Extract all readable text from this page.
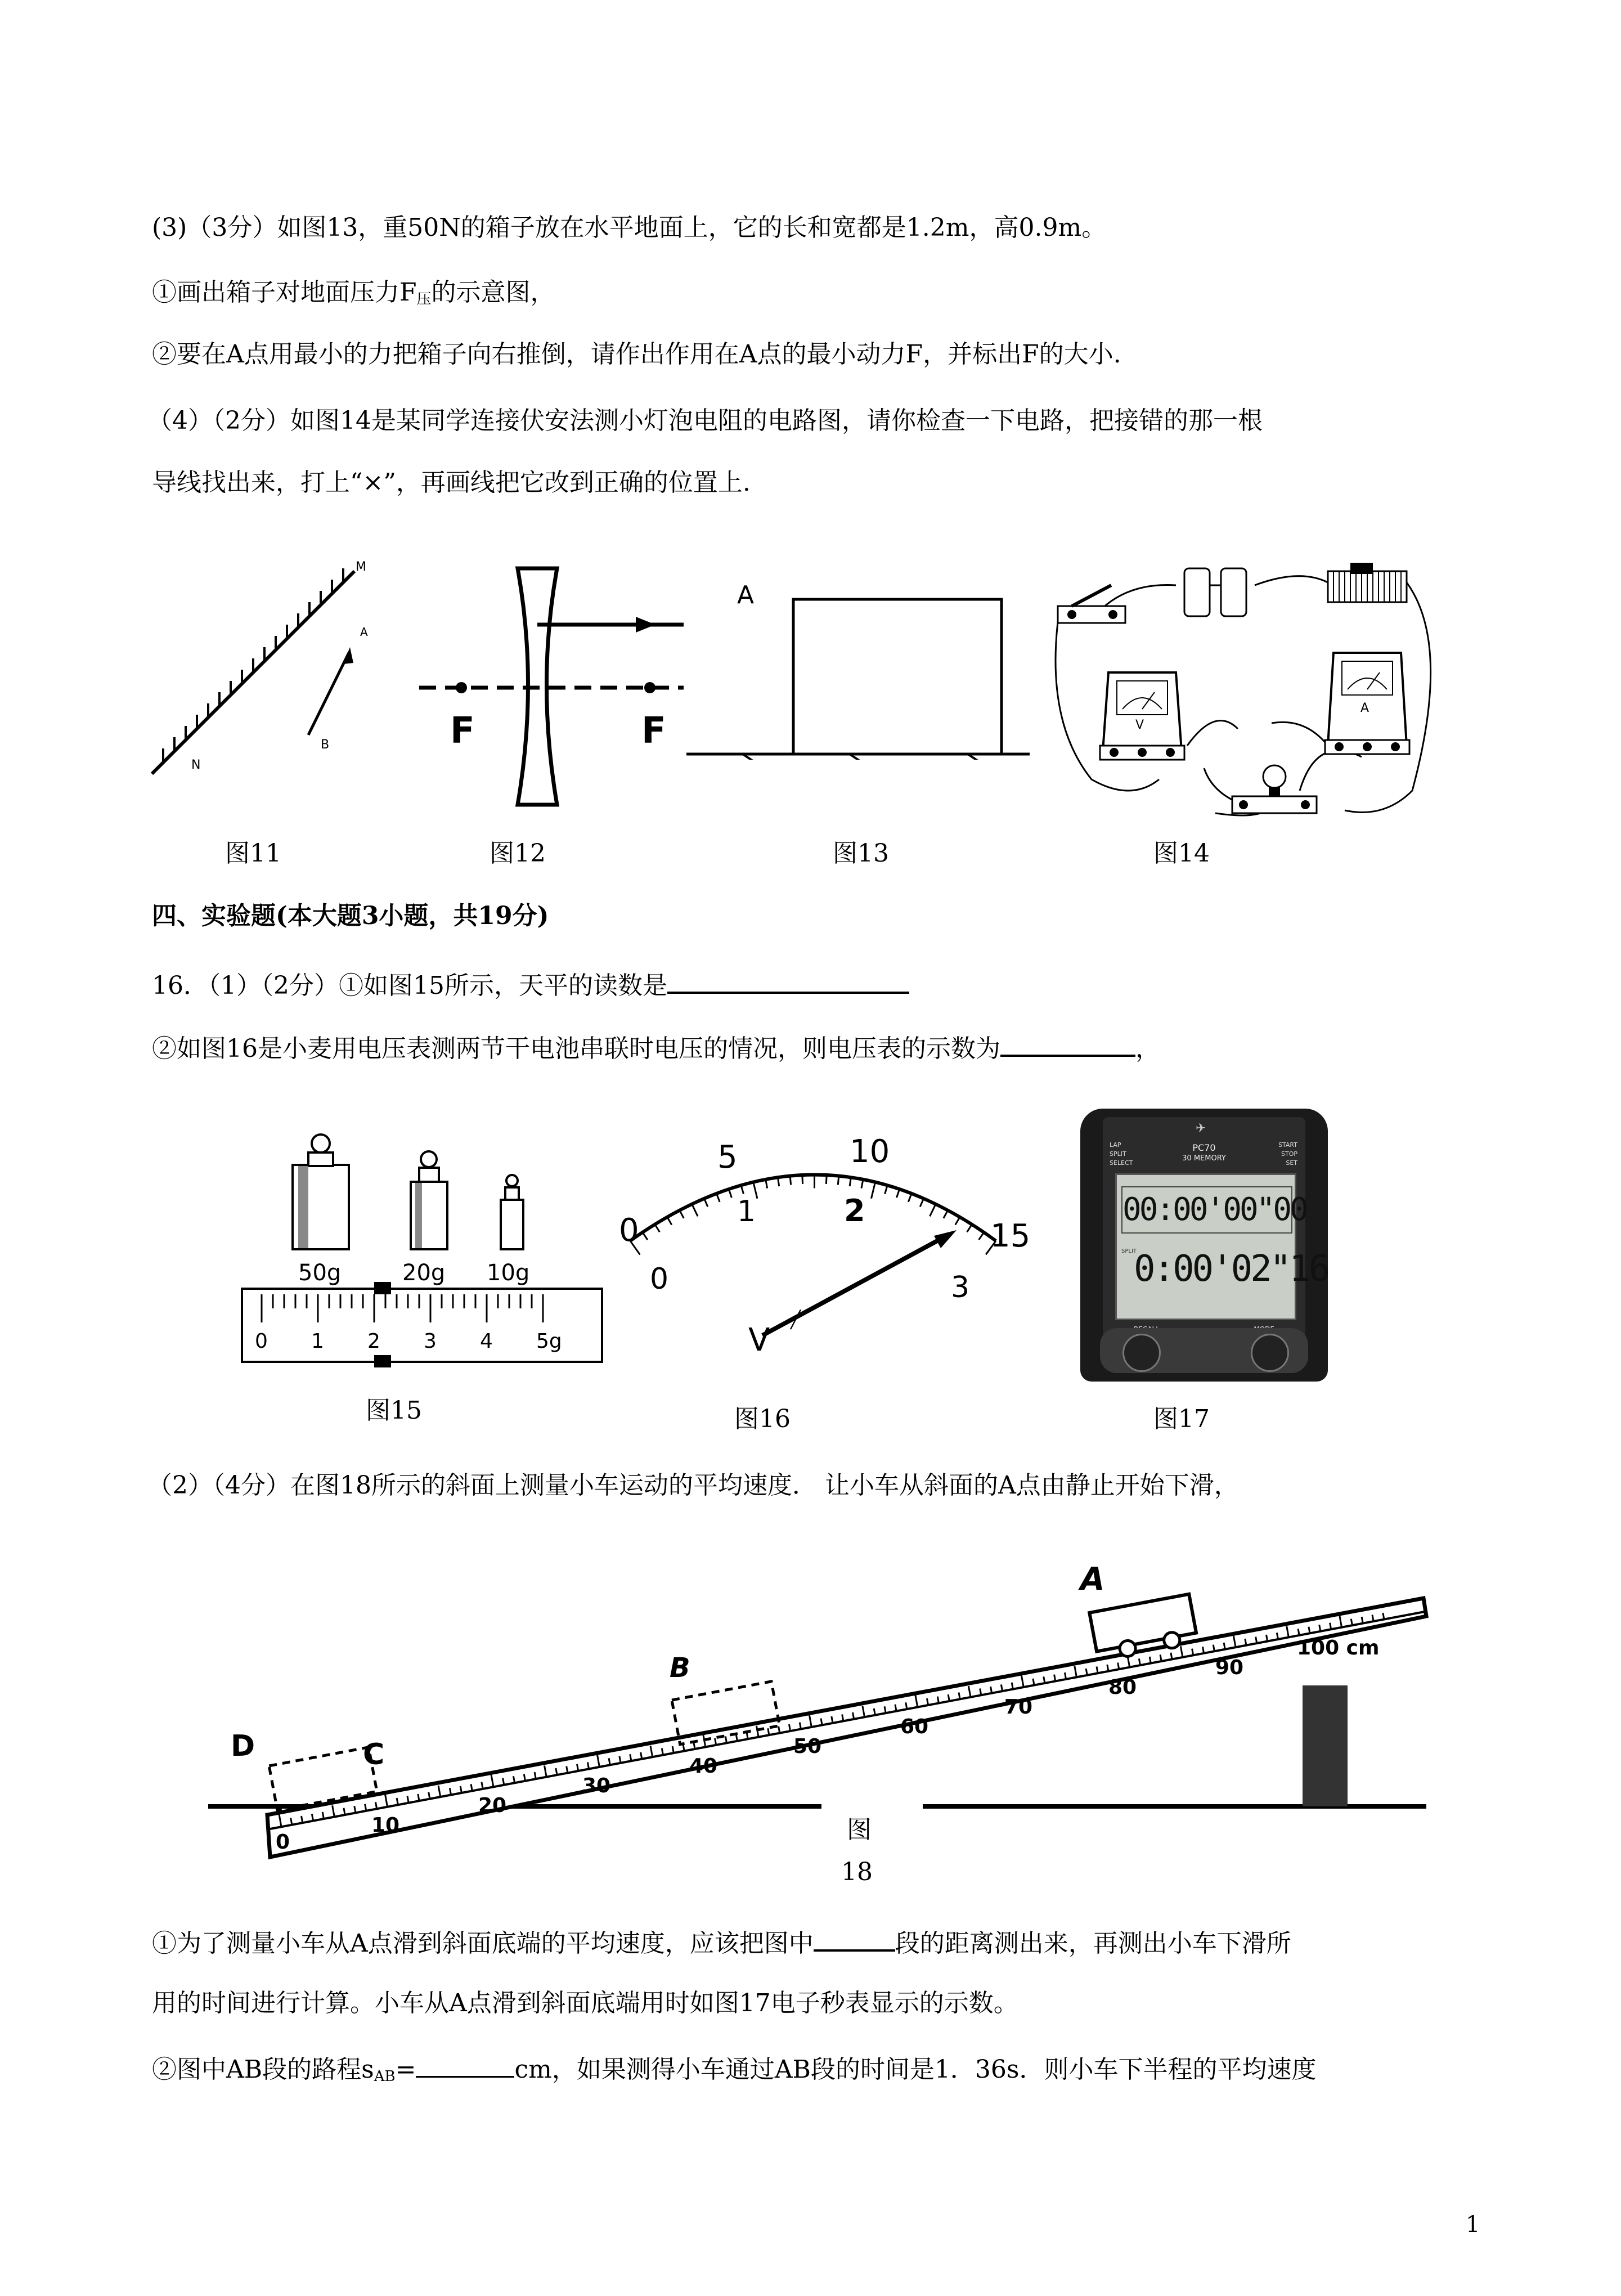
(3)（3分）如图13，重50N的箱子放在水平地面上，它的长和宽都是1.2m，高0.9m。
①画出箱子对地面压力$F_压$的示意图，
②要在A点用最小的力把箱子向右推倒，请作出作用在A点的最小动力F，并标出F的大小.
（4）（2分）如图14是某同学连接伏安法测小灯泡电阻的电路图，请你检查一下电路，把接错的那一根
导线找出来，打上“×”，再画线把它改到正确的位置上.
M
N
A
B
图11
F	F
图12
A
图13
V
A
图14
四、实验题(本大题3小题，共19分)
16．（1）（2分）①如图15所示，天平的读数是
②如图16是小麦用电压表测两节干电池串联时电压的情况，则电压表的示数为	，
50g	20g 10g
0 1 2 3 4 5g
图15
0
5	10
15
0
1	2
3
╱
V
图16
✈
PC70
30 MEMORY
LAP
SPLIT
SELECT
START
STOP
SET
00:00'00"00
SPLIT
0:00'02"16
图17
（2）（4分）在图18所示的斜面上测量小车运动的平均速度． 让小车从斜面的A点由静止开始下滑，
A
B
C
D
0
10
20
30
40
50
60
70
80
90
100 cm
图
18
①为了测量小车从A点滑到斜面底端的平均速度，应该把图中	段的距离测出来，再测出小车下滑所
用的时间进行计算。小车从A点滑到斜面底端用时如图17电子秒表显示的示数。
②图中AB段的路程$s_{AB}=$	cm，如果测得小车通过AB段的时间是1．36s．则小车下半程的平均速度
1
